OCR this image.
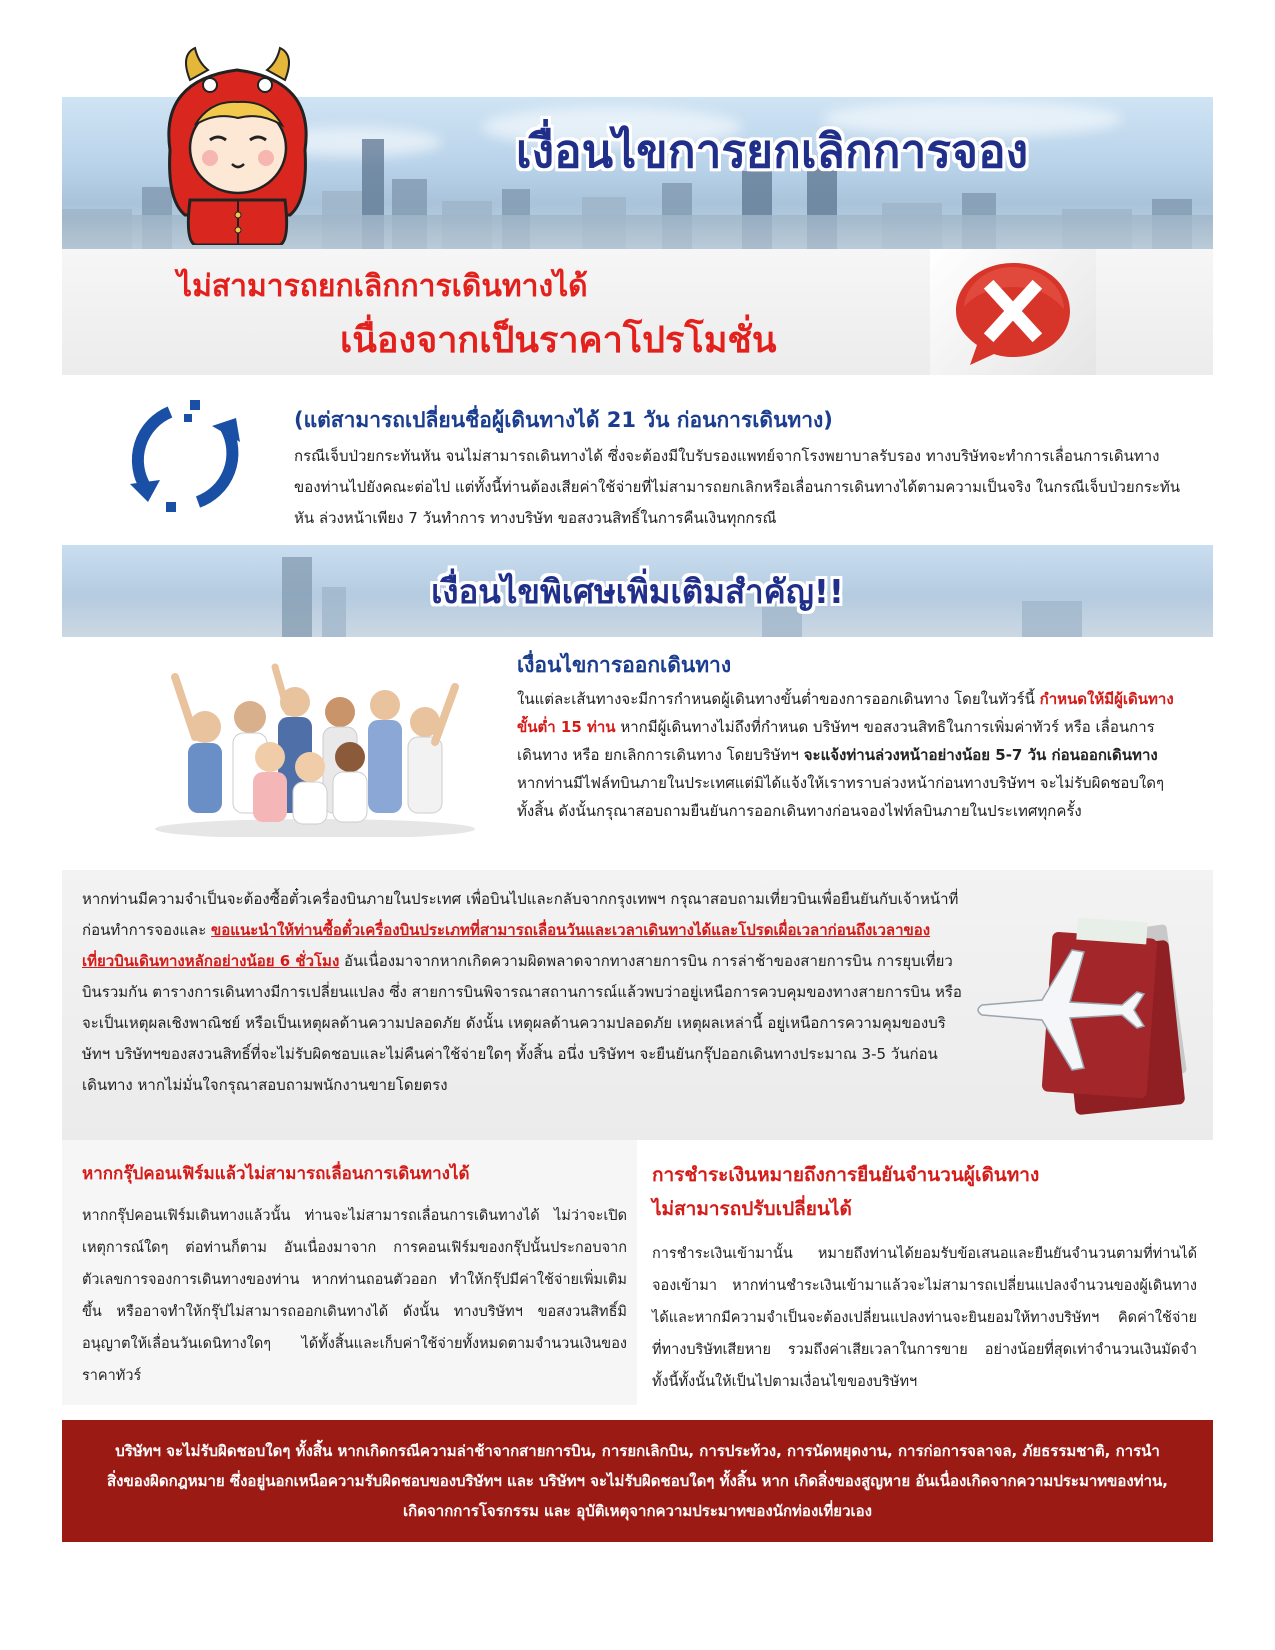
เงื่อนไขการยกเลิกการจอง
ไม่สามารถยกเลิกการเดินทางได้
เนื่องจากเป็นราคาโปรโมชั่น
(แต่สามารถเปลี่ยนชื่อผู้เดินทางได้ 21 วัน ก่อนการเดินทาง)
กรณีเจ็บป่วยกระทันหัน จนไม่สามารถเดินทางได้ ซึ่งจะต้องมีใบรับรองแพทย์จากโรงพยาบาลรับรอง ทางบริษัทจะทำการเลื่อนการเดินทางของท่านไปยังคณะต่อไป แต่ทั้งนี้ท่านต้องเสียค่าใช้จ่ายที่ไม่สามารถยกเลิกหรือเลื่อนการเดินทางได้ตามความเป็นจริง ในกรณีเจ็บป่วยกระทันหัน ล่วงหน้าเพียง 7 วันทำการ ทางบริษัท ขอสงวนสิทธิ์ในการคืนเงินทุกกรณี
เงื่อนไขพิเศษเพิ่มเติมสำคัญ!!
เงื่อนไขการออกเดินทาง
ในแต่ละเส้นทางจะมีการกำหนดผู้เดินทางขั้นต่ำของการออกเดินทาง โดยในทัวร์นี้ กำหนดให้มีผู้เดินทางขั้นต่ำ 15 ท่าน หากมีผู้เดินทางไม่ถึงที่กำหนด บริษัทฯ ขอสงวนสิทธิในการเพิ่มค่าทัวร์ หรือ เลื่อนการเดินทาง หรือ ยกเลิกการเดินทาง โดยบริษัทฯ จะแจ้งท่านล่วงหน้าอย่างน้อย 5-7 วัน ก่อนออกเดินทาง หากท่านมีไฟล์ทบินภายในประเทศแต่มิได้แจ้งให้เราทราบล่วงหน้าก่อนทางบริษัทฯ จะไม่รับผิดชอบใดๆ ทั้งสิ้น ดังนั้นกรุณาสอบถามยืนยันการออกเดินทางก่อนจองไฟท์ลบินภายในประเทศทุกครั้ง
หากท่านมีความจำเป็นจะต้องซื้อตั๋วเครื่องบินภายในประเทศ เพื่อบินไปและกลับจากกรุงเทพฯ กรุณาสอบถามเที่ยวบินเพื่อยืนยันกับเจ้าหน้าที่ก่อนทำการจองและ ขอแนะนำให้ท่านซื้อตั๋วเครื่องบินประเภทที่สามารถเลื่อนวันและเวลาเดินทางได้และโปรดเผื่อเวลาก่อนถึงเวลาของเที่ยวบินเดินทางหลักอย่างน้อย 6 ชั่วโมง อันเนื่องมาจากหากเกิดความผิดพลาดจากทางสายการบิน การล่าช้าของสายการบิน การยุบเที่ยวบินรวมกัน ตารางการเดินทางมีการเปลี่ยนแปลง ซึ่ง สายการบินพิจารณาสถานการณ์แล้วพบว่าอยู่เหนือการควบคุมของทางสายการบิน หรือจะเป็นเหตุผลเชิงพาณิชย์ หรือเป็นเหตุผลด้านความปลอดภัย ดังนั้น เหตุผลด้านความปลอดภัย เหตุผลเหล่านี้ อยู่เหนือการความคุมของบริษัทฯ บริษัทฯของสงวนสิทธิ์ที่จะไม่รับผิดชอบและไม่คืนค่าใช้จ่ายใดๆ ทั้งสิ้น อนึ่ง บริษัทฯ จะยืนยันกรุ๊ปออกเดินทางประมาณ 3-5 วันก่อนเดินทาง หากไม่มั่นใจกรุณาสอบถามพนักงานขายโดยตรง
หากกรุ๊ปคอนเฟิร์มแล้วไม่สามารถเลื่อนการเดินทางได้
หากกรุ๊ปคอนเฟิร์มเดินทางแล้วนั้น ท่านจะไม่สามารถเลื่อนการเดินทางได้ ไม่ว่าจะเปิดเหตุการณ์ใดๆ ต่อท่านก็ตาม อันเนื่องมาจาก การคอนเฟิร์มของกรุ๊ปนั้นประกอบจากตัวเลขการจองการเดินทางของท่าน หากท่านถอนตัวออก ทำให้กรุ๊ปมีค่าใช้จ่ายเพิ่มเติมขึ้น หรืออาจทำให้กรุ๊ปไม่สามารถออกเดินทางได้ ดังนั้น ทางบริษัทฯ ขอสงวนสิทธิ์มิอนุญาตให้เลื่อนวันเดนิทางใดๆ ได้ทั้งสิ้นและเก็บค่าใช้จ่ายทั้งหมดตามจำนวนเงินของราคาทัวร์
การชำระเงินหมายถึงการยืนยันจำนวนผู้เดินทาง
ไม่สามารถปรับเปลี่ยนได้
การชำระเงินเข้ามานั้น หมายถึงท่านได้ยอมรับข้อเสนอและยืนยันจำนวนตามที่ท่านได้จองเข้ามา หากท่านชำระเงินเข้ามาแล้วจะไม่สามารถเปลี่ยนแปลงจำนวนของผู้เดินทางได้และหากมีความจำเป็นจะต้องเปลี่ยนแปลงท่านจะยินยอมให้ทางบริษัทฯ คิดค่าใช้จ่ายที่ทางบริษัทเสียหาย รวมถึงค่าเสียเวลาในการขาย อย่างน้อยที่สุดเท่าจำนวนเงินมัดจำ ทั้งนี้ทั้งนั้นให้เป็นไปตามเงื่อนไขของบริษัทฯ
บริษัทฯ จะไม่รับผิดชอบใดๆ ทั้งสิ้น หากเกิดกรณีความล่าช้าจากสายการบิน, การยกเลิกบิน, การประท้วง, การนัดหยุดงาน, การก่อการจลาจล, ภัยธรรมชาติ, การนำสิ่งของผิดกฎหมาย ซึ่งอยู่นอกเหนือความรับผิดชอบของบริษัทฯ และ บริษัทฯ จะไม่รับผิดชอบใดๆ ทั้งสิ้น หาก เกิดสิ่งของสูญหาย อันเนื่องเกิดจากความประมาทของท่าน, เกิดจากการโจรกรรม และ อุบัติเหตุจากความประมาทของนักท่องเที่ยวเอง
